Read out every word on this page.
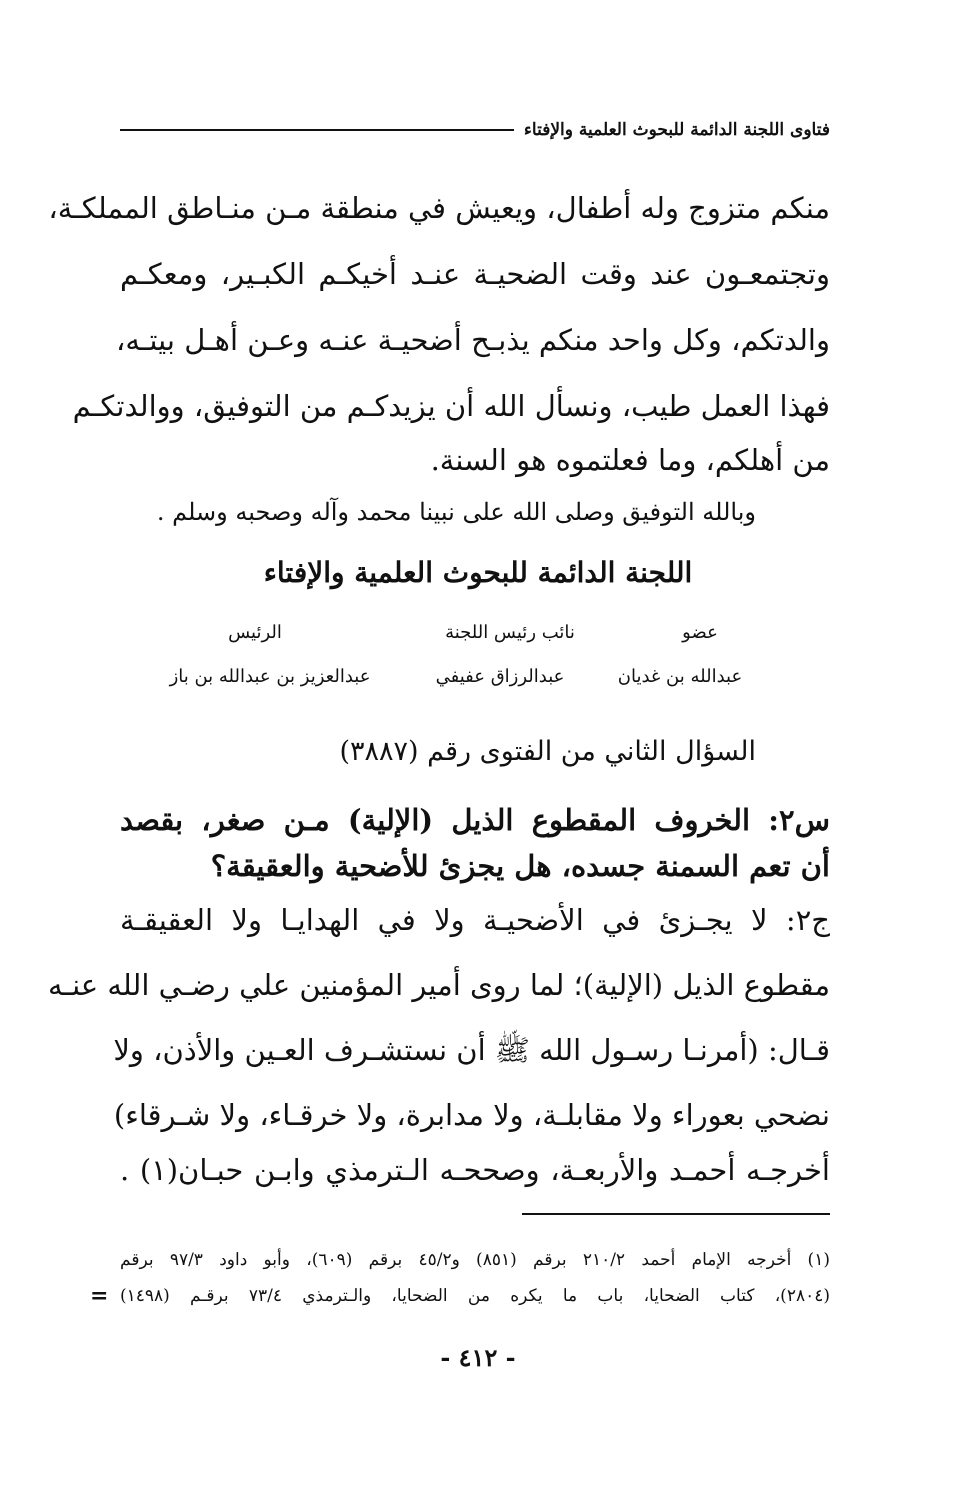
فتاوى اللجنة الدائمة للبحوث العلمية والإفتاء
منكم متزوج وله أطفال، ويعيش في منطقة مـن منـاطق المملكـة،
وتجتمعـون عند وقت الضحيـة عنـد أخيكـم الكبـير، ومعكـم
والدتكم، وكل واحد منكم يذبـح أضحيـة عنـه وعـن أهـل بيتـه،
فهذا العمل طيب، ونسأل الله أن يزيدكـم من التوفيق، ووالدتكـم
من أهلكم، وما فعلتموه هو السنة.
وبالله التوفيق وصلى الله على نبينا محمد وآله وصحبه وسلم .
اللجنة الدائمة للبحوث العلمية والإفتاء
عضو
نائب رئيس اللجنة
الرئيس
عبدالله بن غديان
عبدالرزاق عفيفي
عبدالعزيز بن عبدالله بن باز
السؤال الثاني من الفتوى رقم (٣٨٨٧)
س٢: الخروف المقطوع الذيل (الإلية) مـن صغر، بقصد
أن تعم السمنة جسده، هل يجزئ للأضحية والعقيقة؟
ج٢: لا يجـزئ في الأضحيـة ولا في الهدايـا ولا العقيقـة
مقطوع الذيل (الإلية)؛ لما روى أمير المؤمنين علي رضـي الله عنـه
قـال: (أمرنـا رسـول الله ﷺ أن نستشـرف العـين والأذن، ولا
نضحي بعوراء ولا مقابلـة، ولا مدابرة، ولا خرقـاء، ولا شـرقاء)
أخرجـه أحمـد والأربعـة، وصححـه الـترمذي وابـن حبـان(١) .
(١) أخرجه الإمام أحمد ٢١٠/٢ برقم (٨٥١) و٤٥/٢ برقم (٦٠٩)، وأبو داود ٩٧/٣ برقم
(٢٨٠٤)، كتاب الضحايا، باب ما يكره من الضحايا، والـترمذي ٧٣/٤ برقـم (١٤٩٨)
=
- ٤١٢ -
